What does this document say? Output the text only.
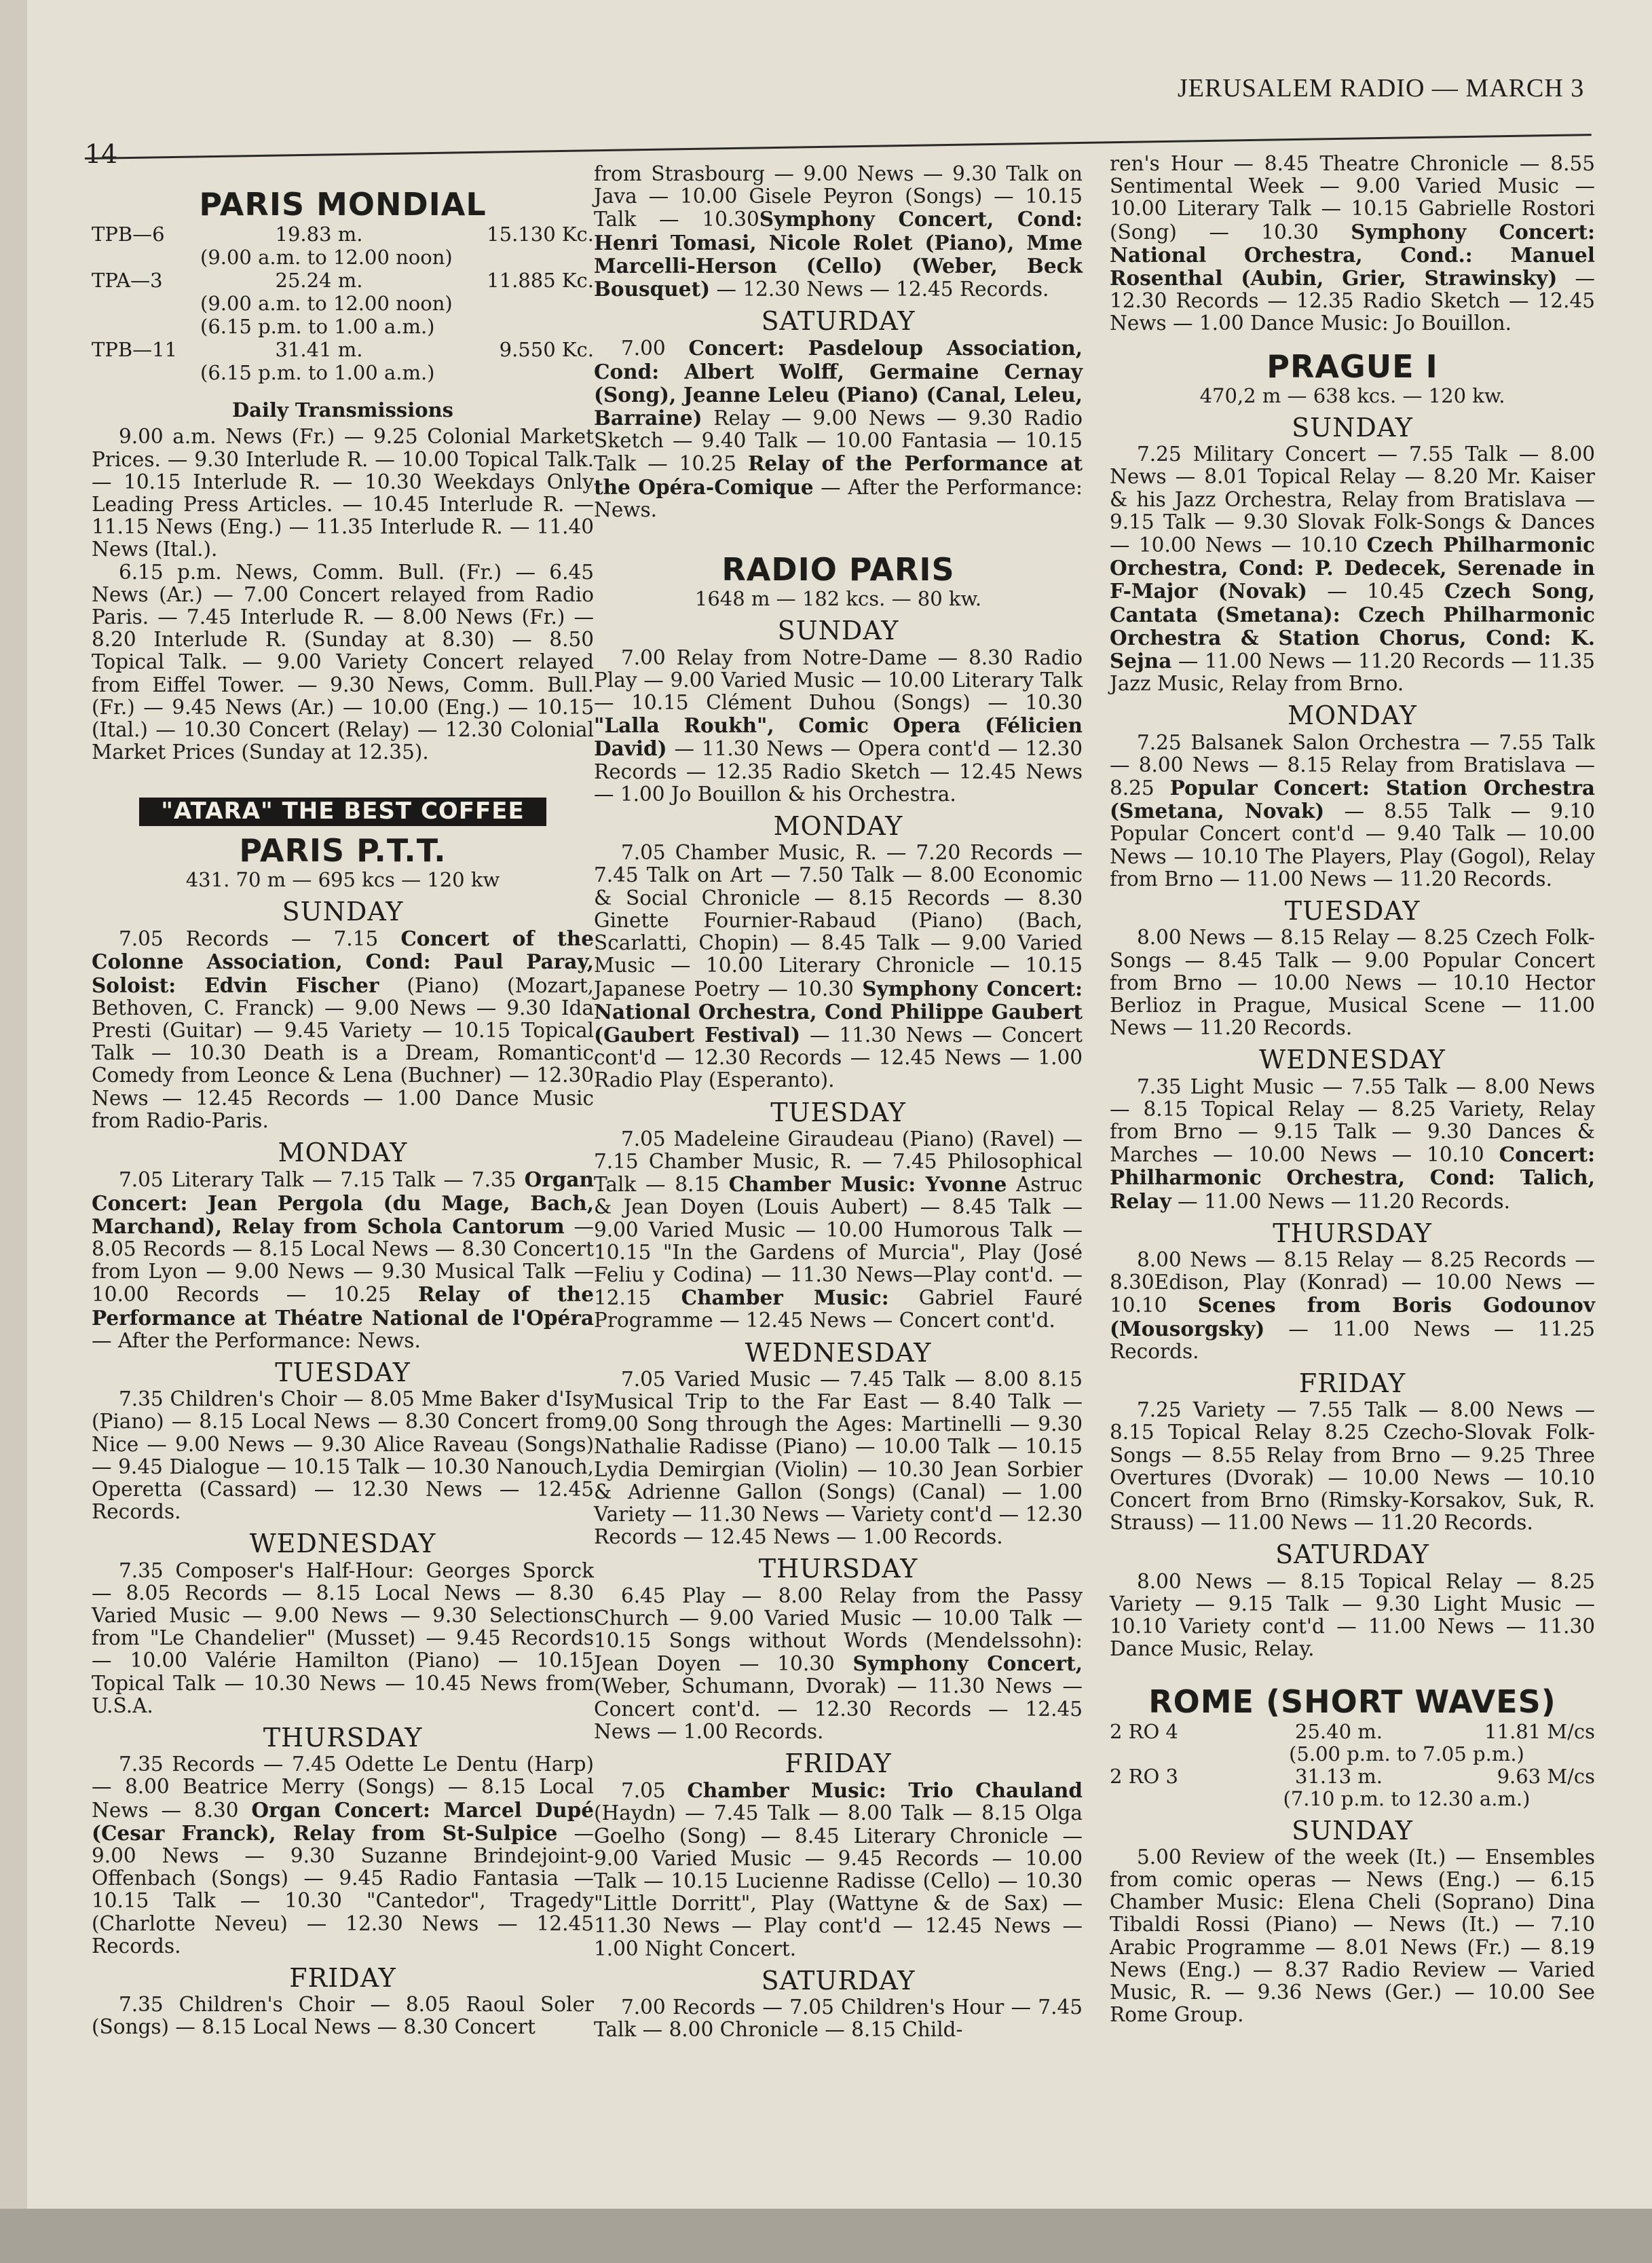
JERUSALEM RADIO — MARCH 3
14
PARIS MONDIAL
TPB—6	19.83 m.	15.130 Kc.
(9.00 a.m. to 12.00 noon)
TPA—3	25.24 m.	11.885 Kc.
(9.00 a.m. to 12.00 noon)
(6.15 p.m. to 1.00 a.m.)
TPB—11	31.41 m.	9.550 Kc.
(6.15 p.m. to 1.00 a.m.)
Daily Transmissions

9.00 a.m. News (Fr.) — 9.25 Colonial Market Prices. — 9.30 Interlude R. — 10.00 Topical Talk. — 10.15 Interlude R. — 10.30 Weekdays Only Leading Press Articles. — 10.45 Interlude R. — 11.15 News (Eng.) — 11.35 Interlude R. — 11.40 News (Ital.).

6.15 p.m. News, Comm. Bull. (Fr.) — 6.45 News (Ar.) — 7.00 Concert relayed from Radio Paris. — 7.45 Interlude R. — 8.00 News (Fr.) — 8.20 Interlude R. (Sunday at 8.30) — 8.50 Topical Talk. — 9.00 Variety Concert relayed from Eiffel Tower. — 9.30 News, Comm. Bull. (Fr.) — 9.45 News (Ar.) — 10.00 (Eng.) — 10.15 (Ital.) — 10.30 Concert (Relay) — 12.30 Colonial Market Prices (Sunday at 12.35).

"ATARA" THE BEST COFFEE
PARIS P.T.T.
431. 70 m — 695 kcs — 120 kw
SUNDAY

7.05 Records — 7.15 Concert of the Colonne Association, Cond: Paul Paray, Soloist: Edvin Fischer (Piano) (Mozart, Bethoven, C. Franck) — 9.00 News — 9.30 Ida Presti (Guitar) — 9.45 Variety — 10.15 Topical Talk — 10.30 Death is a Dream, Romantic Comedy from Leonce & Lena (Buchner) — 12.30 News — 12.45 Records — 1.00 Dance Music from Radio-Paris.

MONDAY

7.05 Literary Talk — 7.15 Talk — 7.35 Organ Concert: Jean Pergola (du Mage, Bach, Marchand), Relay from Schola Cantorum — 8.05 Records — 8.15 Local News — 8.30 Concert from Lyon — 9.00 News — 9.30 Musical Talk — 10.00 Records — 10.25 Relay of the Performance at Théatre National de l'Opéra — After the Performance: News.

TUESDAY

7.35 Children's Choir — 8.05 Mme Baker d'Isy (Piano) — 8.15 Local News — 8.30 Concert from Nice — 9.00 News — 9.30 Alice Raveau (Songs) — 9.45 Dialogue — 10.15 Talk — 10.30 Nanouch, Operetta (Cassard) — 12.30 News — 12.45 Records.

WEDNESDAY

7.35 Composer's Half-Hour: Georges Sporck — 8.05 Records — 8.15 Local News — 8.30 Varied Music — 9.00 News — 9.30 Selections from "Le Chandelier" (Musset) — 9.45 Records — 10.00 Valérie Hamilton (Piano) — 10.15 Topical Talk — 10.30 News — 10.45 News from U.S.A.

THURSDAY

7.35 Records — 7.45 Odette Le Dentu (Harp) — 8.00 Beatrice Merry (Songs) — 8.15 Local News — 8.30 Organ Concert: Marcel Dupé (Cesar Franck), Relay from St-Sulpice — 9.00 News — 9.30 Suzanne Brindejoint-Offenbach (Songs) — 9.45 Radio Fantasia — 10.15 Talk — 10.30 "Cantedor", Tragedy (Charlotte Neveu) — 12.30 News — 12.45 Records.

FRIDAY

7.35 Children's Choir — 8.05 Raoul Soler (Songs) — 8.15 Local News — 8.30 Concert

from Strasbourg — 9.00 News — 9.30 Talk on Java — 10.00 Gisele Peyron (Songs) — 10.15 Talk — 10.30Symphony Concert, Cond: Henri Tomasi, Nicole Rolet (Piano), Mme Marcelli-Herson (Cello) (Weber, Beck Bousquet) — 12.30 News — 12.45 Records.

SATURDAY

7.00 Concert: Pasdeloup Association, Cond: Albert Wolff, Germaine Cernay (Song), Jeanne Leleu (Piano) (Canal, Leleu, Barraine) Relay — 9.00 News — 9.30 Radio Sketch — 9.40 Talk — 10.00 Fantasia — 10.15 Talk — 10.25 Relay of the Performance at the Opéra-Comique — After the Performance: News.

RADIO PARIS
1648 m — 182 kcs. — 80 kw.
SUNDAY

7.00 Relay from Notre-Dame — 8.30 Radio Play — 9.00 Varied Music — 10.00 Literary Talk — 10.15 Clément Duhou (Songs) — 10.30 "Lalla Roukh", Comic Opera (Félicien David) — 11.30 News — Opera cont'd — 12.30 Records — 12.35 Radio Sketch — 12.45 News — 1.00 Jo Bouillon & his Orchestra.

MONDAY

7.05 Chamber Music, R. — 7.20 Records — 7.45 Talk on Art — 7.50 Talk — 8.00 Economic & Social Chronicle — 8.15 Records — 8.30 Ginette Fournier-Rabaud (Piano) (Bach, Scarlatti, Chopin) — 8.45 Talk — 9.00 Varied Music — 10.00 Literary Chronicle — 10.15 Japanese Poetry — 10.30 Symphony Concert: National Orchestra, Cond Philippe Gaubert (Gaubert Festival) — 11.30 News — Concert cont'd — 12.30 Records — 12.45 News — 1.00 Radio Play (Esperanto).

TUESDAY

7.05 Madeleine Giraudeau (Piano) (Ravel) — 7.15 Chamber Music, R. — 7.45 Philosophical Talk — 8.15 Chamber Music: Yvonne Astruc & Jean Doyen (Louis Aubert) — 8.45 Talk — 9.00 Varied Music — 10.00 Humorous Talk — 10.15 "In the Gardens of Murcia", Play (José Feliu y Codina) — 11.30 News—Play cont'd. — 12.15 Chamber Music: Gabriel Fauré Programme — 12.45 News — Concert cont'd.

WEDNESDAY

7.05 Varied Music — 7.45 Talk — 8.00 8.15 Musical Trip to the Far East — 8.40 Talk — 9.00 Song through the Ages: Martinelli — 9.30 Nathalie Radisse (Piano) — 10.00 Talk — 10.15 Lydia Demirgian (Violin) — 10.30 Jean Sorbier & Adrienne Gallon (Songs) (Canal) — 1.00 Variety — 11.30 News — Variety cont'd — 12.30 Records — 12.45 News — 1.00 Records.

THURSDAY

6.45 Play — 8.00 Relay from the Passy Church — 9.00 Varied Music — 10.00 Talk — 10.15 Songs without Words (Mendelssohn): Jean Doyen — 10.30 Symphony Concert, (Weber, Schumann, Dvorak) — 11.30 News — Concert cont'd. — 12.30 Records — 12.45 News — 1.00 Records.

FRIDAY

7.05 Chamber Music: Trio Chauland (Haydn) — 7.45 Talk — 8.00 Talk — 8.15 Olga Goelho (Song) — 8.45 Literary Chronicle — 9.00 Varied Music — 9.45 Records — 10.00 Talk — 10.15 Lucienne Radisse (Cello) — 10.30 "Little Dorritt", Play (Wattyne & de Sax) — 11.30 News — Play cont'd — 12.45 News — 1.00 Night Concert.

SATURDAY

7.00 Records — 7.05 Children's Hour — 7.45 Talk — 8.00 Chronicle — 8.15 Child-

ren's Hour — 8.45 Theatre Chronicle — 8.55 Sentimental Week — 9.00 Varied Music — 10.00 Literary Talk — 10.15 Gabrielle Rostori (Song) — 10.30 Symphony Concert: National Orchestra, Cond.: Manuel Rosenthal (Aubin, Grier, Strawinsky) — 12.30 Records — 12.35 Radio Sketch — 12.45 News — 1.00 Dance Music: Jo Bouillon.

PRAGUE I
470,2 m — 638 kcs. — 120 kw.
SUNDAY

7.25 Military Concert — 7.55 Talk — 8.00 News — 8.01 Topical Relay — 8.20 Mr. Kaiser & his Jazz Orchestra, Relay from Bratislava — 9.15 Talk — 9.30 Slovak Folk-Songs & Dances — 10.00 News — 10.10 Czech Philharmonic Orchestra, Cond: P. Dedecek, Serenade in F-Major (Novak) — 10.45 Czech Song, Cantata (Smetana): Czech Philharmonic Orchestra & Station Chorus, Cond: K. Sejna — 11.00 News — 11.20 Records — 11.35 Jazz Music, Relay from Brno.

MONDAY

7.25 Balsanek Salon Orchestra — 7.55 Talk — 8.00 News — 8.15 Relay from Bratislava — 8.25 Popular Concert: Station Orchestra (Smetana, Novak) — 8.55 Talk — 9.10 Popular Concert cont'd — 9.40 Talk — 10.00 News — 10.10 The Players, Play (Gogol), Relay from Brno — 11.00 News — 11.20 Records.

TUESDAY

8.00 News — 8.15 Relay — 8.25 Czech Folk-Songs — 8.45 Talk — 9.00 Popular Concert from Brno — 10.00 News — 10.10 Hector Berlioz in Prague, Musical Scene — 11.00 News — 11.20 Records.

WEDNESDAY

7.35 Light Music — 7.55 Talk — 8.00 News — 8.15 Topical Relay — 8.25 Variety, Relay from Brno — 9.15 Talk — 9.30 Dances & Marches — 10.00 News — 10.10 Concert: Philharmonic Orchestra, Cond: Talich, Relay — 11.00 News — 11.20 Records.

THURSDAY

8.00 News — 8.15 Relay — 8.25 Records — 8.30Edison, Play (Konrad) — 10.00 News — 10.10 Scenes from Boris Godounov (Mousorgsky) — 11.00 News — 11.25 Records.

FRIDAY

7.25 Variety — 7.55 Talk — 8.00 News — 8.15 Topical Relay 8.25 Czecho-Slovak Folk-Songs — 8.55 Relay from Brno — 9.25 Three Overtures (Dvorak) — 10.00 News — 10.10 Concert from Brno (Rimsky-Korsakov, Suk, R. Strauss) — 11.00 News — 11.20 Records.

SATURDAY

8.00 News — 8.15 Topical Relay — 8.25 Variety — 9.15 Talk — 9.30 Light Music — 10.10 Variety cont'd — 11.00 News — 11.30 Dance Music, Relay.

ROME (SHORT WAVES)
2 RO 4	25.40 m.	11.81 M/cs
(5.00 p.m. to 7.05 p.m.)
2 RO 3	31.13 m.	9.63 M/cs
(7.10 p.m. to 12.30 a.m.)
SUNDAY

5.00 Review of the week (It.) — Ensembles from comic operas — News (Eng.) — 6.15 Chamber Music: Elena Cheli (Soprano) Dina Tibaldi Rossi (Piano) — News (It.) — 7.10 Arabic Programme — 8.01 News (Fr.) — 8.19 News (Eng.) — 8.37 Radio Review — Varied Music, R. — 9.36 News (Ger.) — 10.00 See Rome Group.
